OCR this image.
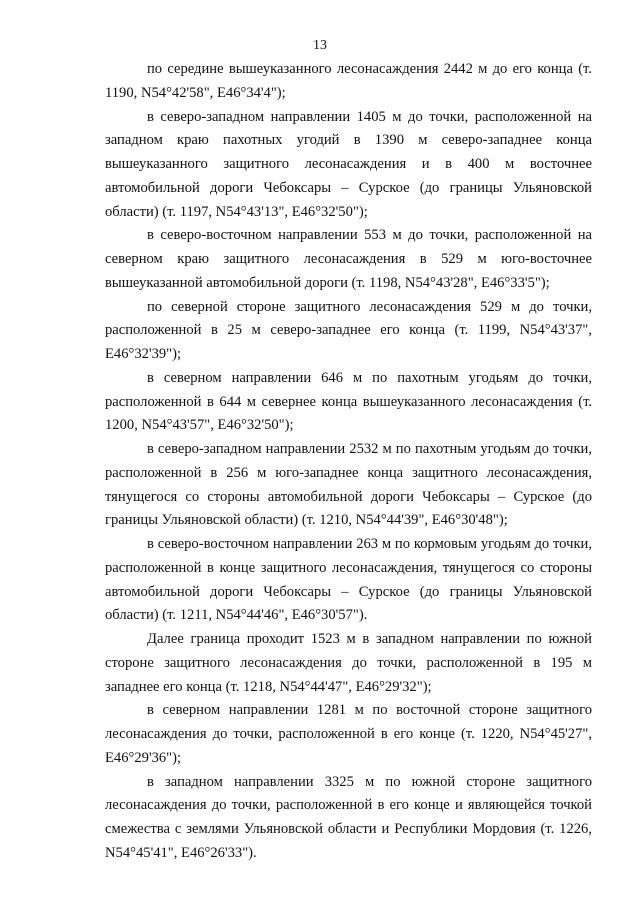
13

по середине вышеуказанного лесонасаждения 2442 м до его конца (т. 1190, N54°42'58", E46°34'4");

в северо-западном направлении 1405 м до точки, расположенной на западном краю пахотных угодий в 1390 м северо-западнее конца вышеуказанного защитного лесонасаждения и в 400 м восточнее автомобильной дороги Чебоксары – Сурское (до границы Ульяновской области) (т. 1197, N54°43'13", E46°32'50");

в северо-восточном направлении 553 м до точки, расположенной на северном краю защитного лесонасаждения в 529 м юго-восточнее вышеуказанной автомобильной дороги (т. 1198, N54°43'28", E46°33'5");

по северной стороне защитного лесонасаждения 529 м до точки, расположенной в 25 м северо-западнее его конца (т. 1199, N54°43'37", E46°32'39");

в северном направлении 646 м по пахотным угодьям до точки, расположенной в 644 м севернее конца вышеуказанного лесонасаждения (т. 1200, N54°43'57", E46°32'50");

в северо-западном направлении 2532 м по пахотным угодьям до точки, расположенной в 256 м юго-западнее конца защитного лесонасаждения, тянущегося со стороны автомобильной дороги Чебоксары – Сурское (до границы Ульяновской области) (т. 1210, N54°44'39", E46°30'48");

в северо-восточном направлении 263 м по кормовым угодьям до точки, расположенной в конце защитного лесонасаждения, тянущегося со стороны автомобильной дороги Чебоксары – Сурское (до границы Ульяновской области) (т. 1211, N54°44'46", E46°30'57").

Далее граница проходит 1523 м в западном направлении по южной стороне защитного лесонасаждения до точки, расположенной в 195 м западнее его конца (т. 1218, N54°44'47", E46°29'32");

в северном направлении 1281 м по восточной стороне защитного лесонасаждения до точки, расположенной в его конце (т. 1220, N54°45'27", E46°29'36");

в западном направлении 3325 м по южной стороне защитного лесонасаждения до точки, расположенной в его конце и являющейся точкой смежества с землями Ульяновской области и Республики Мордовия (т. 1226, N54°45'41", E46°26'33").
